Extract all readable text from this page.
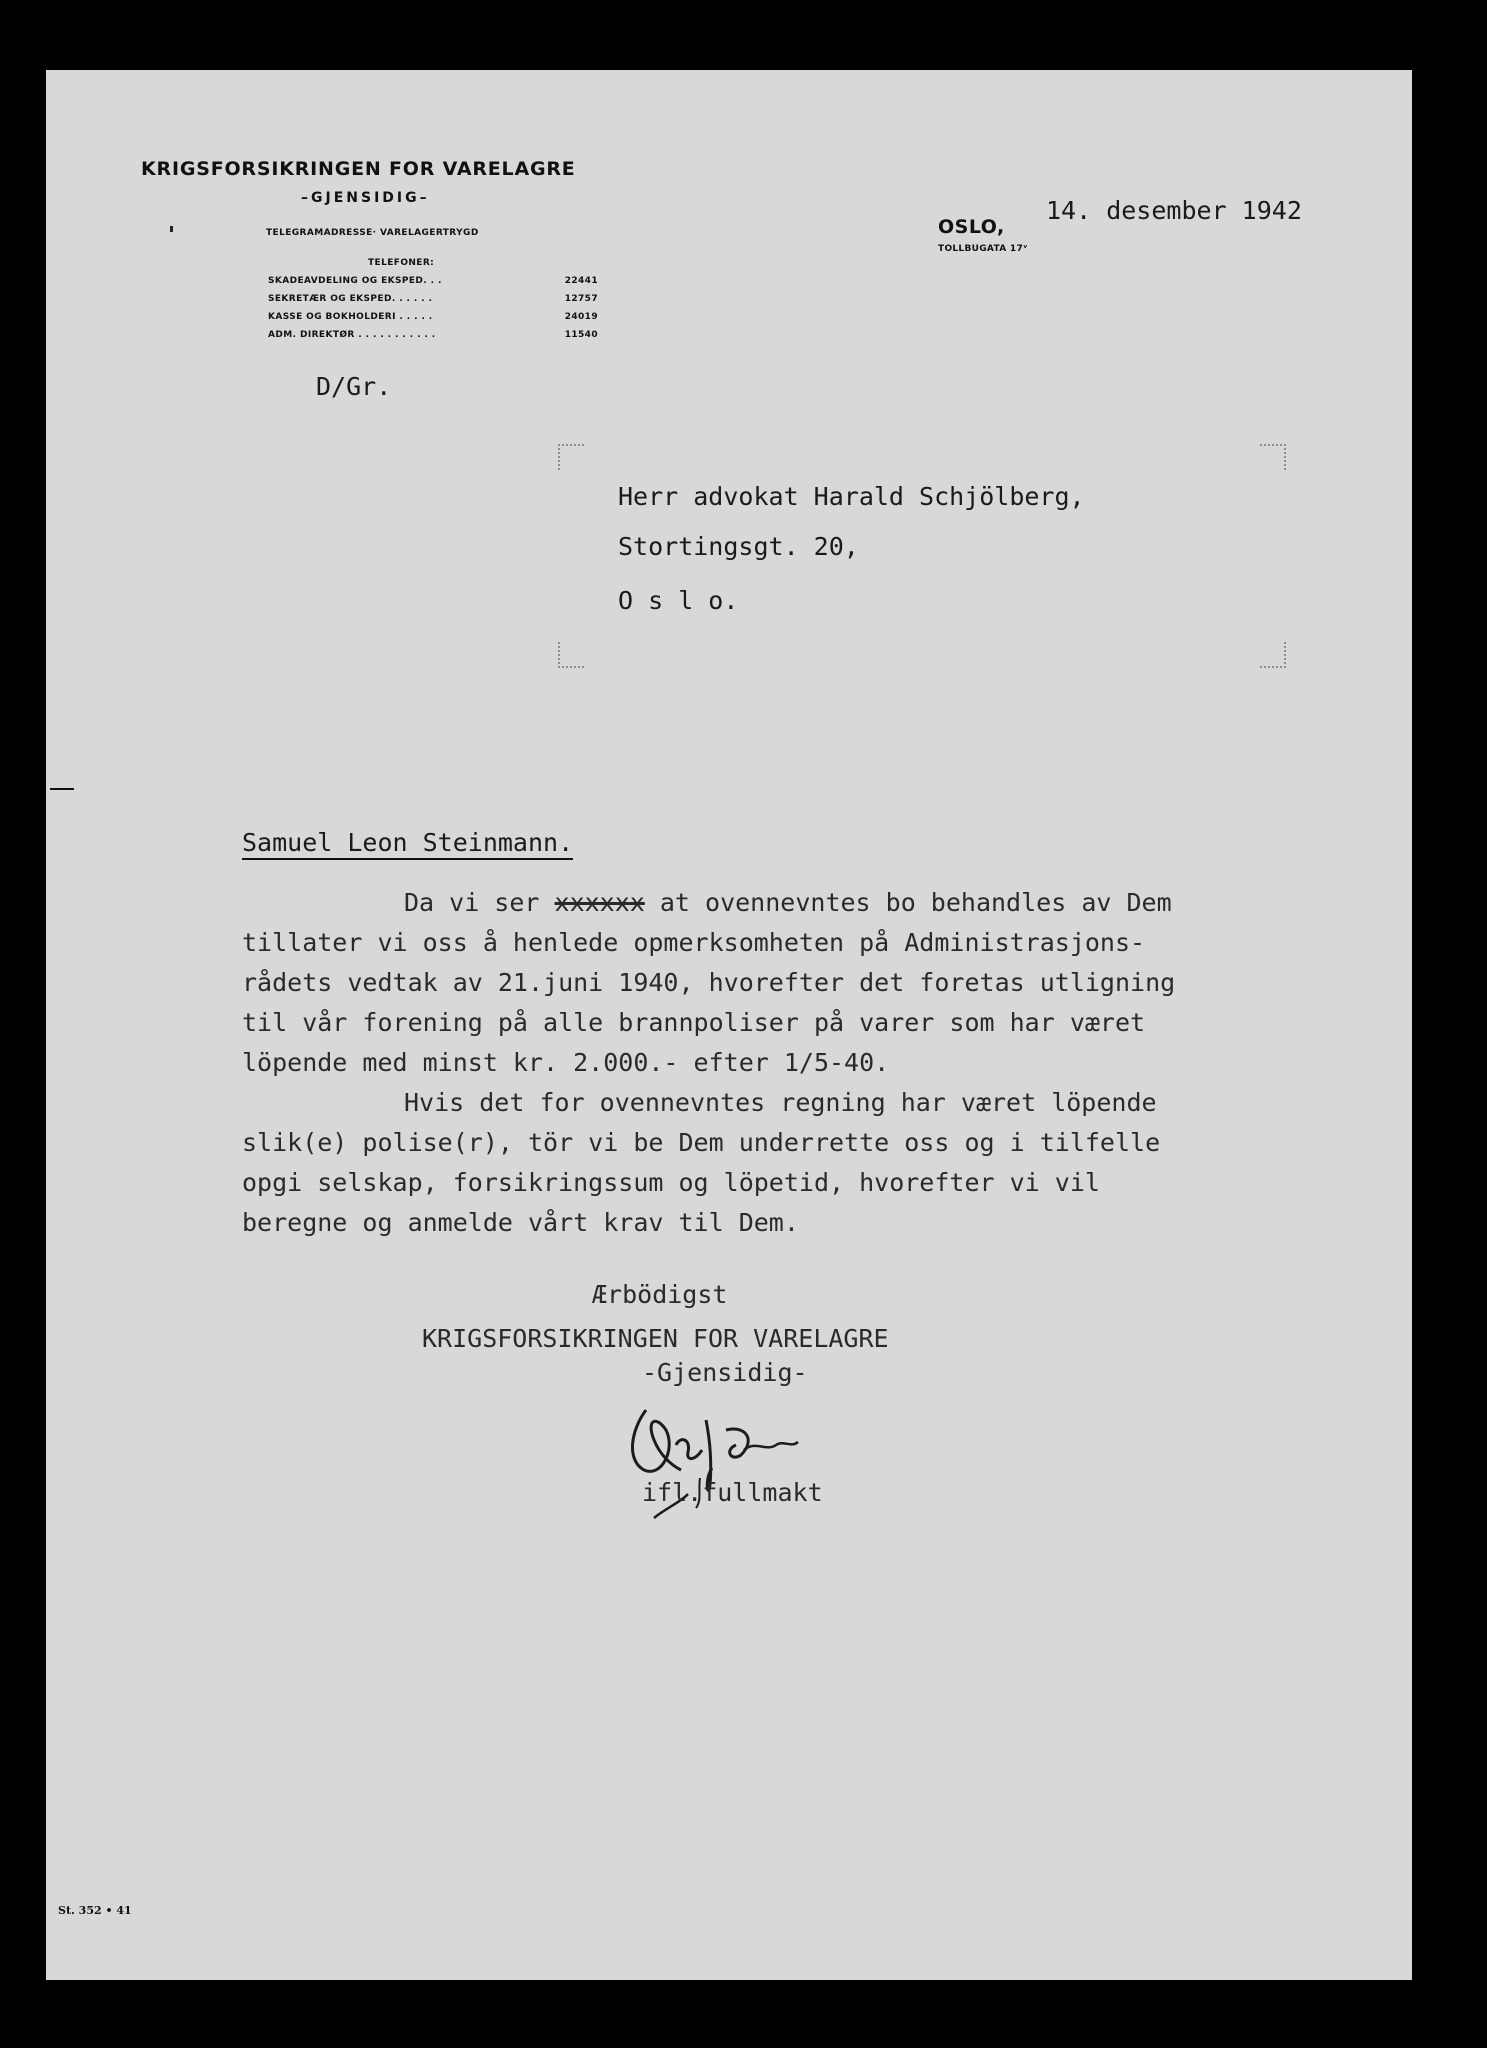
KRIGSFORSIKRINGEN FOR VARELAGRE
–GJENSIDIG–
TELEGRAMADRESSE· VARELAGERTRYGD
TELEFONER:
SKADEAVDELING OG EKSPED. . .	22441
SEKRETÆR OG EKSPED. . . . . .	12757
KASSE OG BOKHOLDERI . . . . .	24019
ADM. DIREKTØR . . . . . . . . . . .	11540
OSLO,
TOLLBUGATA 17ᵛ
14. desember 1942
D/Gr.
Herr advokat Harald Schjölberg,
Stortingsgt. 20,
O s l o.
Samuel Leon Steinmann.
Da vi ser xxxxxx at ovennevntes bo behandles av Dem
tillater vi oss å henlede opmerksomheten på Administrasjons-
rådets vedtak av 21.juni 1940, hvorefter det foretas utligning
til vår forening på alle brannpoliser på varer som har været
löpende med minst kr. 2.000.- efter 1/5-40.
Hvis det for ovennevntes regning har været löpende
slik(e) polise(r), tör vi be Dem underrette oss og i tilfelle
opgi selskap, forsikringssum og löpetid, hvorefter vi vil
beregne og anmelde vårt krav til Dem.
Ærbödigst
KRIGSFORSIKRINGEN FOR VARELAGRE
-Gjensidig-
ifl.fullmakt
St. 352 • 41
